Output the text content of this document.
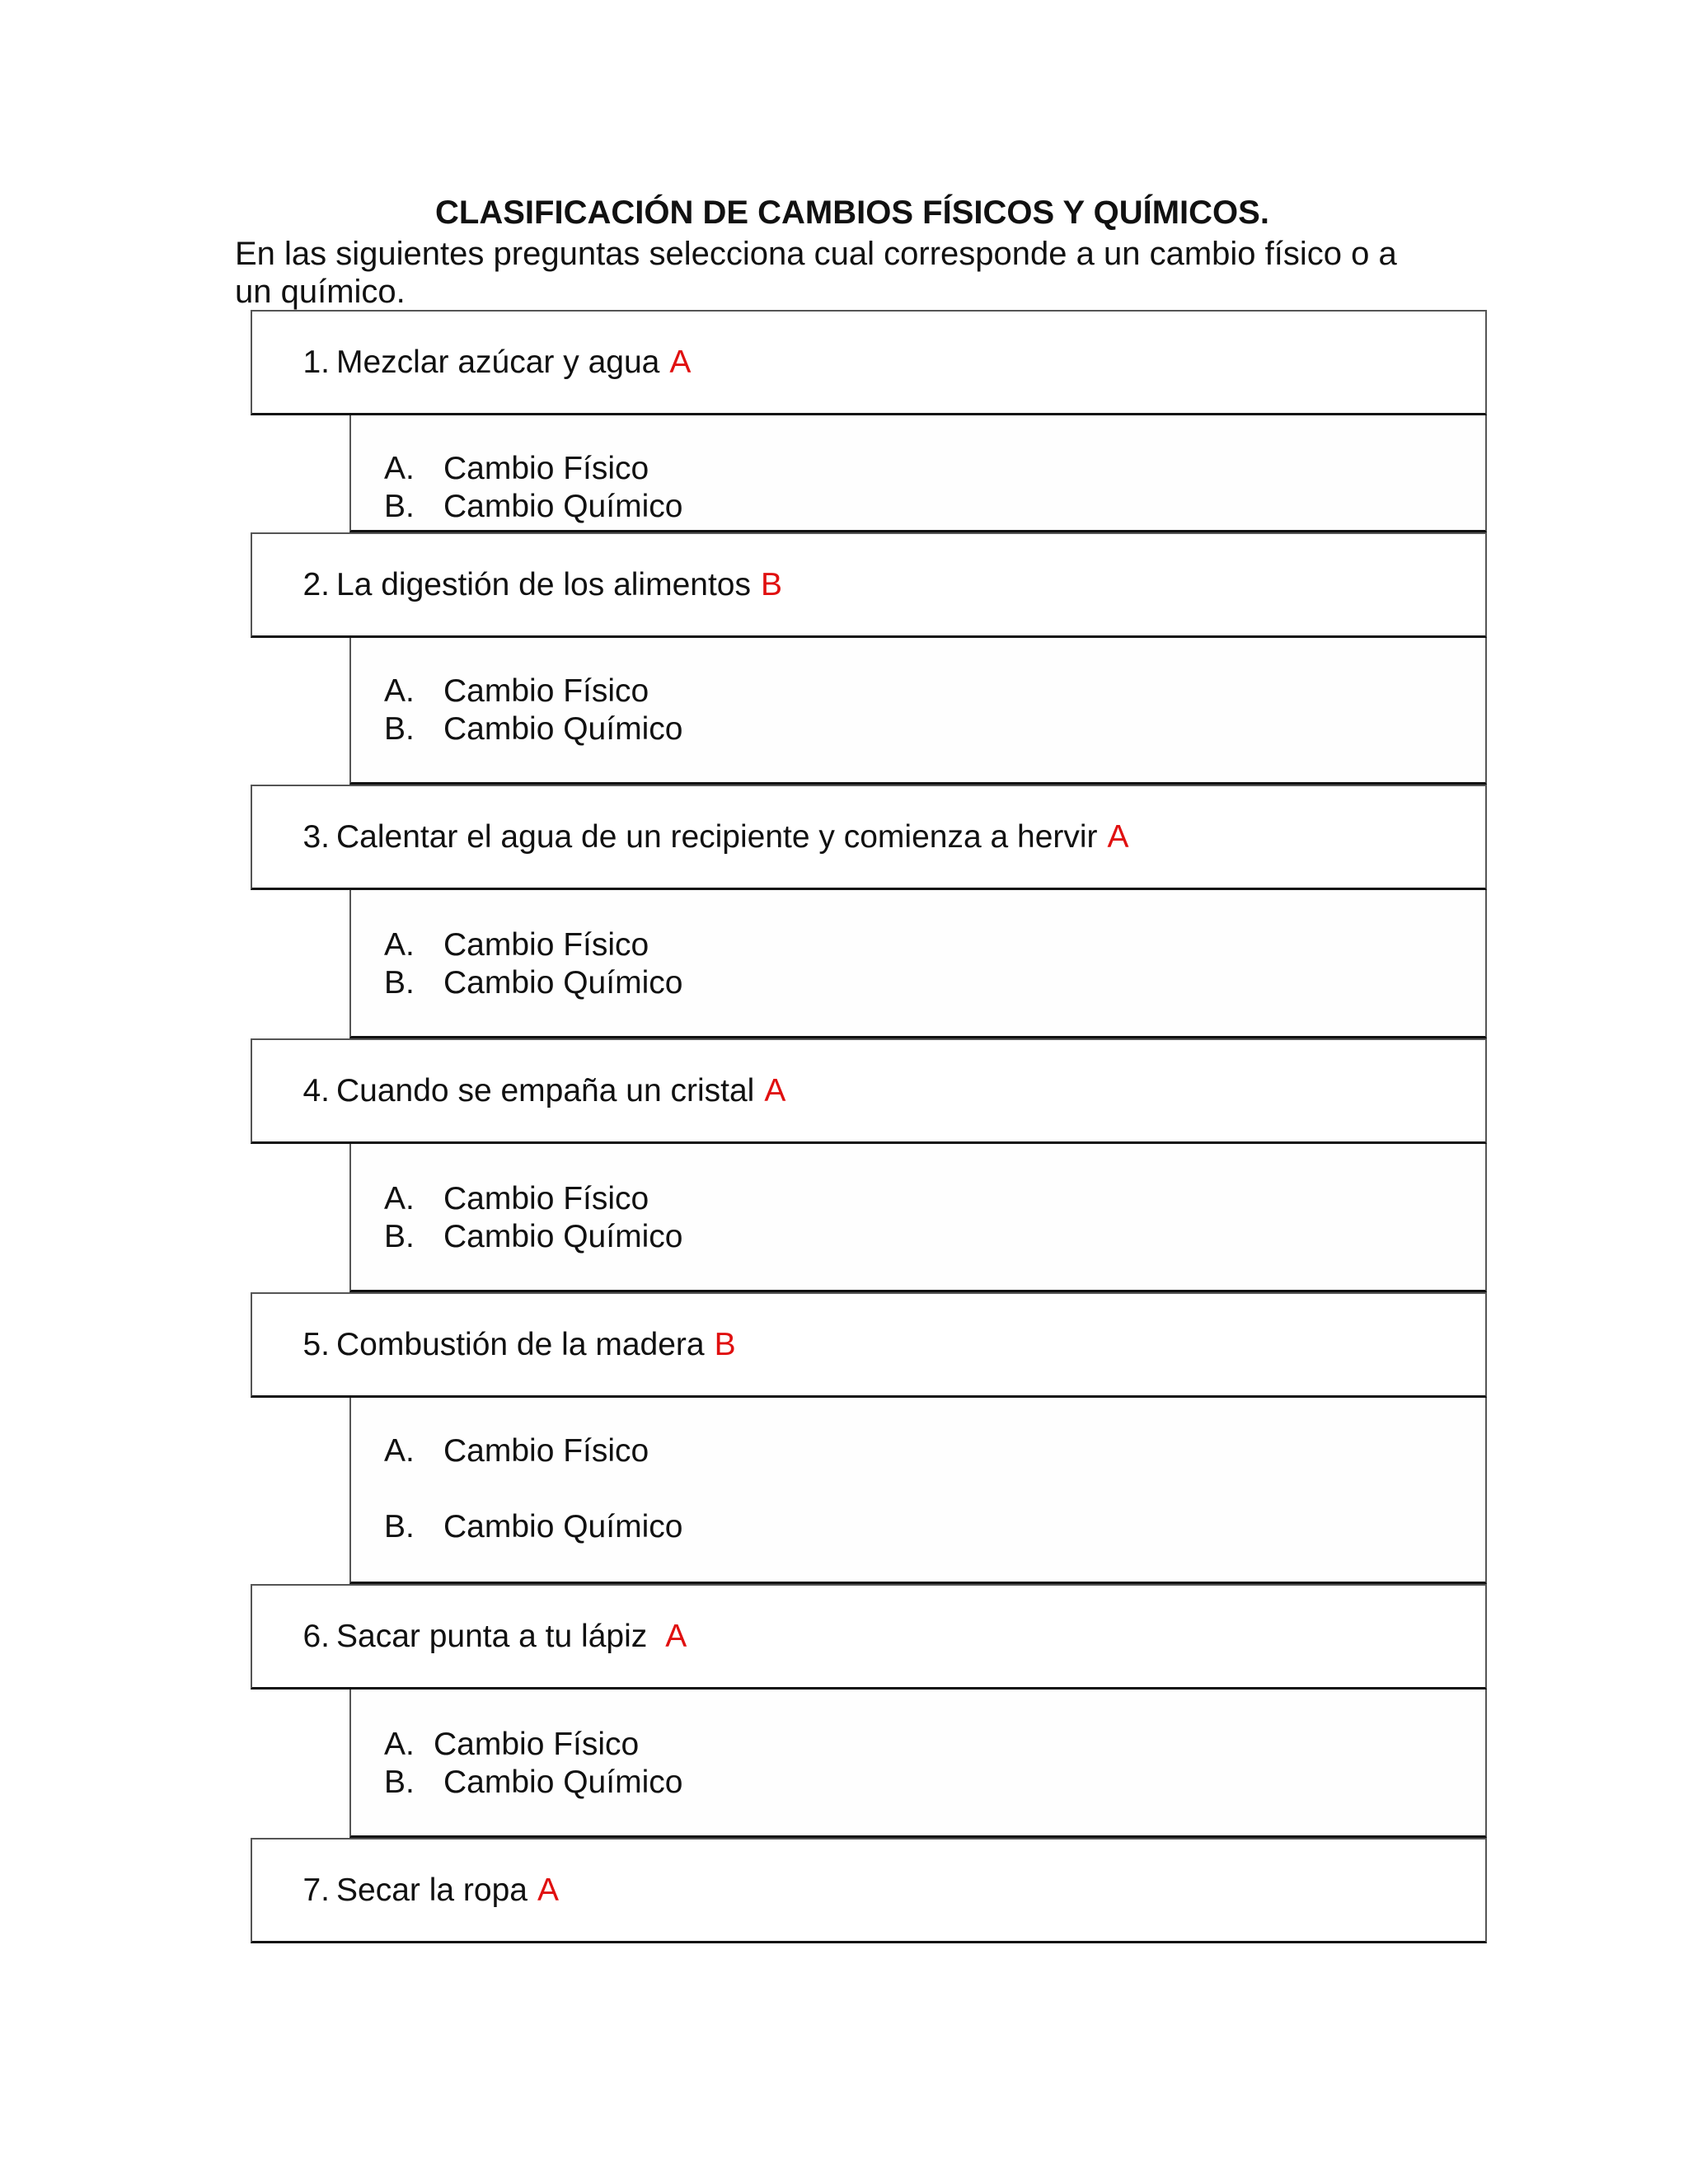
CLASIFICACIÓN DE CAMBIOS FÍSICOS Y QUÍMICOS.

En las siguientes preguntas selecciona cual corresponde a un cambio físico o a un químico.

1. Mezclar azúcar y agua A
A. Cambio Físico
B. Cambio Químico
2. La digestión de los alimentos B
A. Cambio Físico
B. Cambio Químico
3. Calentar el agua de un recipiente y comienza a hervir A
A. Cambio Físico
B. Cambio Químico
4. Cuando se empaña un cristal A
A. Cambio Físico
B. Cambio Químico
5. Combustión de la madera B
A. Cambio Físico
B. Cambio Químico
6. Sacar punta a tu lápiz A
A. Cambio Físico
B. Cambio Químico
7. Secar la ropa A
